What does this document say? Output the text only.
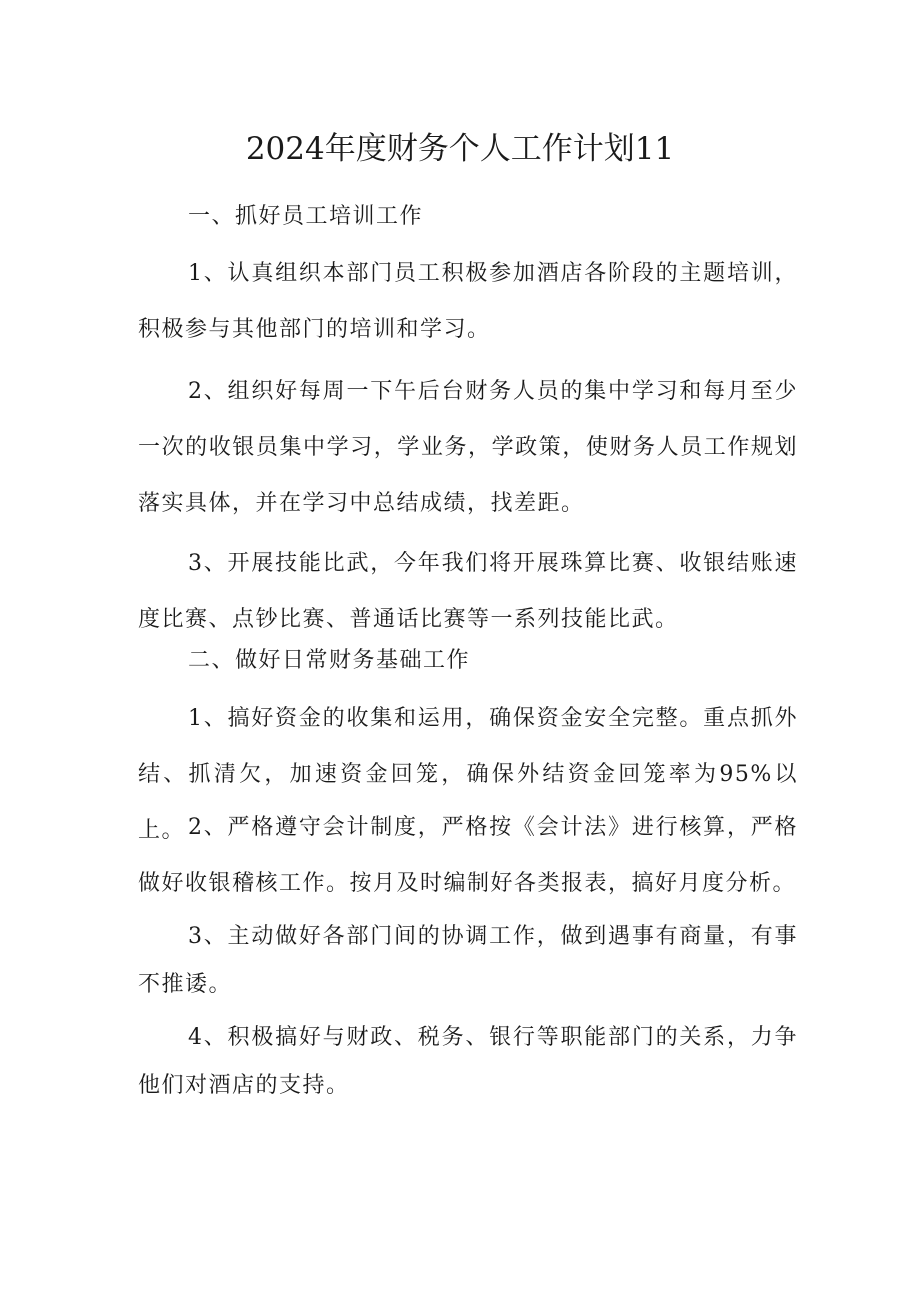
2024年度财务个人工作计划11

一、抓好员工培训工作

1、认真组织本部门员工积极参加酒店各阶段的主题培训，积极参与其他部门的培训和学习。

2、组织好每周一下午后台财务人员的集中学习和每月至少一次的收银员集中学习，学业务，学政策，使财务人员工作规划落实具体，并在学习中总结成绩，找差距。

3、开展技能比武，今年我们将开展珠算比赛、收银结账速度比赛、点钞比赛、普通话比赛等一系列技能比武。

二、做好日常财务基础工作

1、搞好资金的收集和运用，确保资金安全完整。重点抓外结、抓清欠，加速资金回笼，确保外结资金回笼率为95%以上。 2、严格遵守会计制度，严格按《会计法》进行核算，严格做好收银稽核工作。按月及时编制好各类报表，搞好月度分析。

3、主动做好各部门间的协调工作，做到遇事有商量，有事不推诿。

4、积极搞好与财政、税务、银行等职能部门的关系，力争他们对酒店的支持。
